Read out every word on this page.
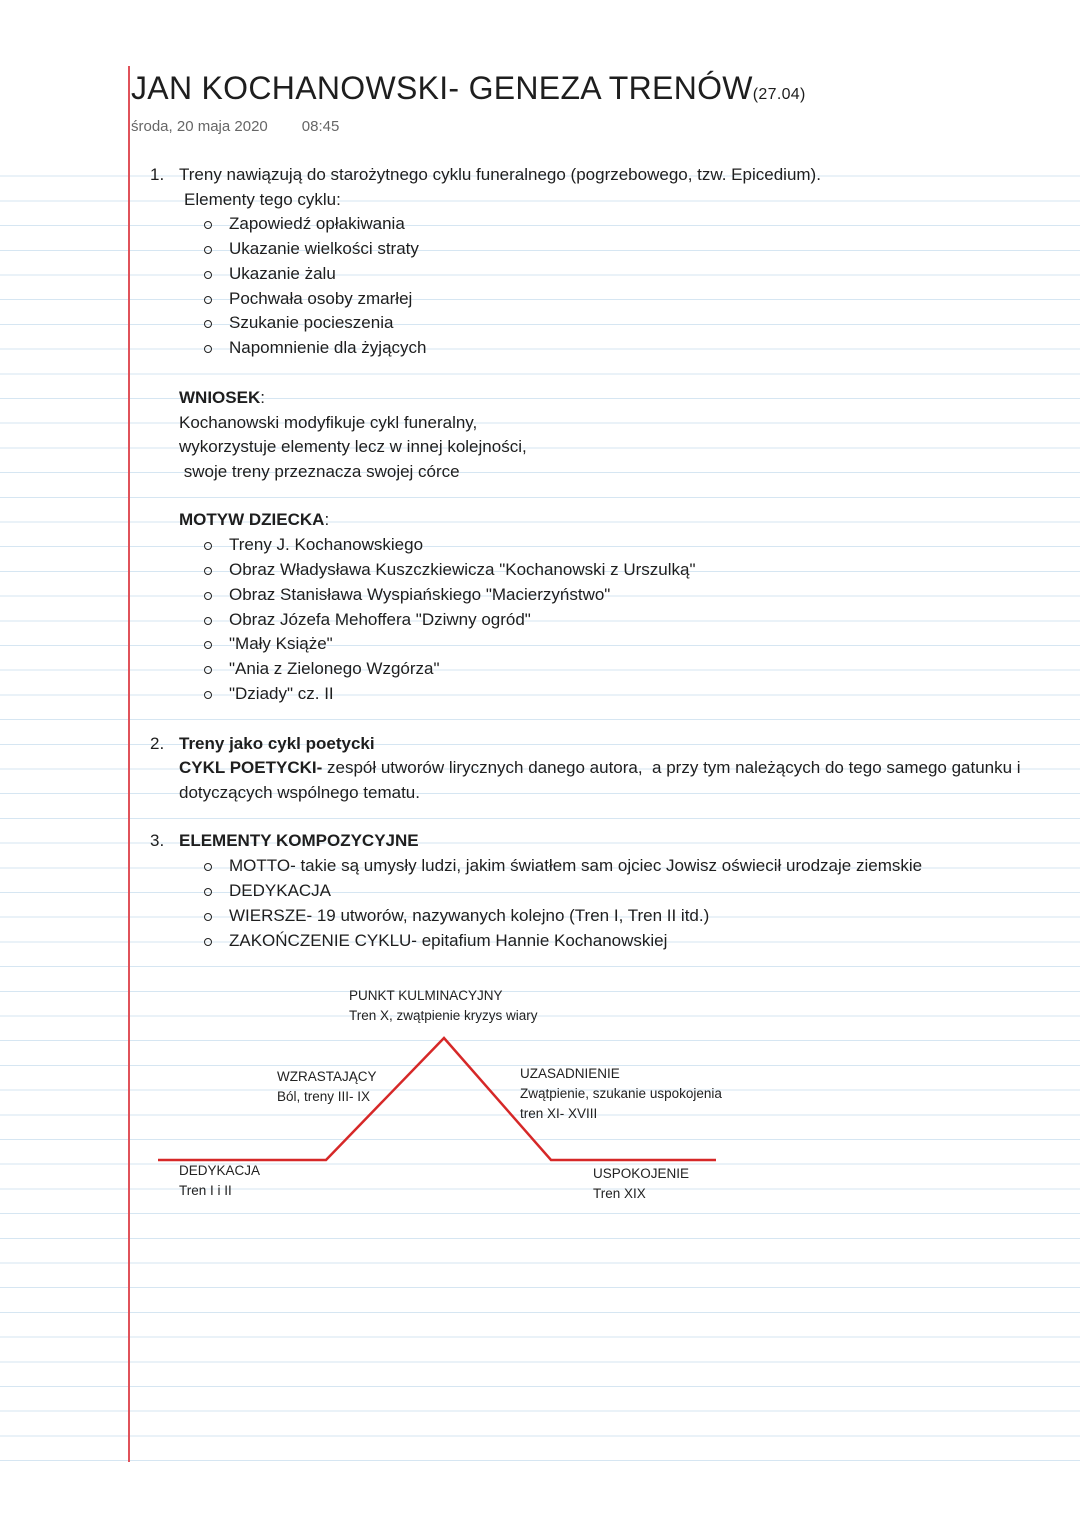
JAN KOCHANOWSKI- GENEZA TRENÓW(27.04)
środa, 20 maja 2020 08:45
1. Treny nawiązują do starożytnego cyklu funeralnego (pogrzebowego, tzw. Epicedium).
Elementy tego cyklu:
Zapowiedź opłakiwania
Ukazanie wielkości straty
Ukazanie żalu
Pochwała osoby zmarłej
Szukanie pocieszenia
Napomnienie dla żyjących
WNIOSEK:
Kochanowski modyfikuje cykl funeralny,
wykorzystuje elementy lecz w innej kolejności,
swoje treny przeznacza swojej córce
MOTYW DZIECKA:
Treny J. Kochanowskiego
Obraz Władysława Kuszczkiewicza "Kochanowski z Urszulką"
Obraz Stanisława Wyspiańskiego "Macierzyństwo"
Obraz Józefa Mehoffera "Dziwny ogród"
"Mały Książe"
"Ania z Zielonego Wzgórza"
"Dziady" cz. II
2. Treny jako cykl poetycki
CYKL POETYCKI- zespół utworów lirycznych danego autora,  a przy tym należących do tego samego gatunku i
dotyczących wspólnego tematu.
3. ELEMENTY KOMPOZYCYJNE
MOTTO- takie są umysły ludzi, jakim światłem sam ojciec Jowisz oświecił urodzaje ziemskie
DEDYKACJA
WIERSZE- 19 utworów, nazywanych kolejno (Tren I, Tren II itd.)
ZAKOŃCZENIE CYKLU- epitafium Hannie Kochanowskiej
PUNKT KULMINACYJNY
Tren X, zwątpienie kryzys wiary
WZRASTAJĄCY
Ból, treny III- IX
UZASADNIENIE
Zwątpienie, szukanie uspokojenia
tren XI- XVIII
DEDYKACJA
Tren I i II
USPOKOJENIE
Tren XIX
